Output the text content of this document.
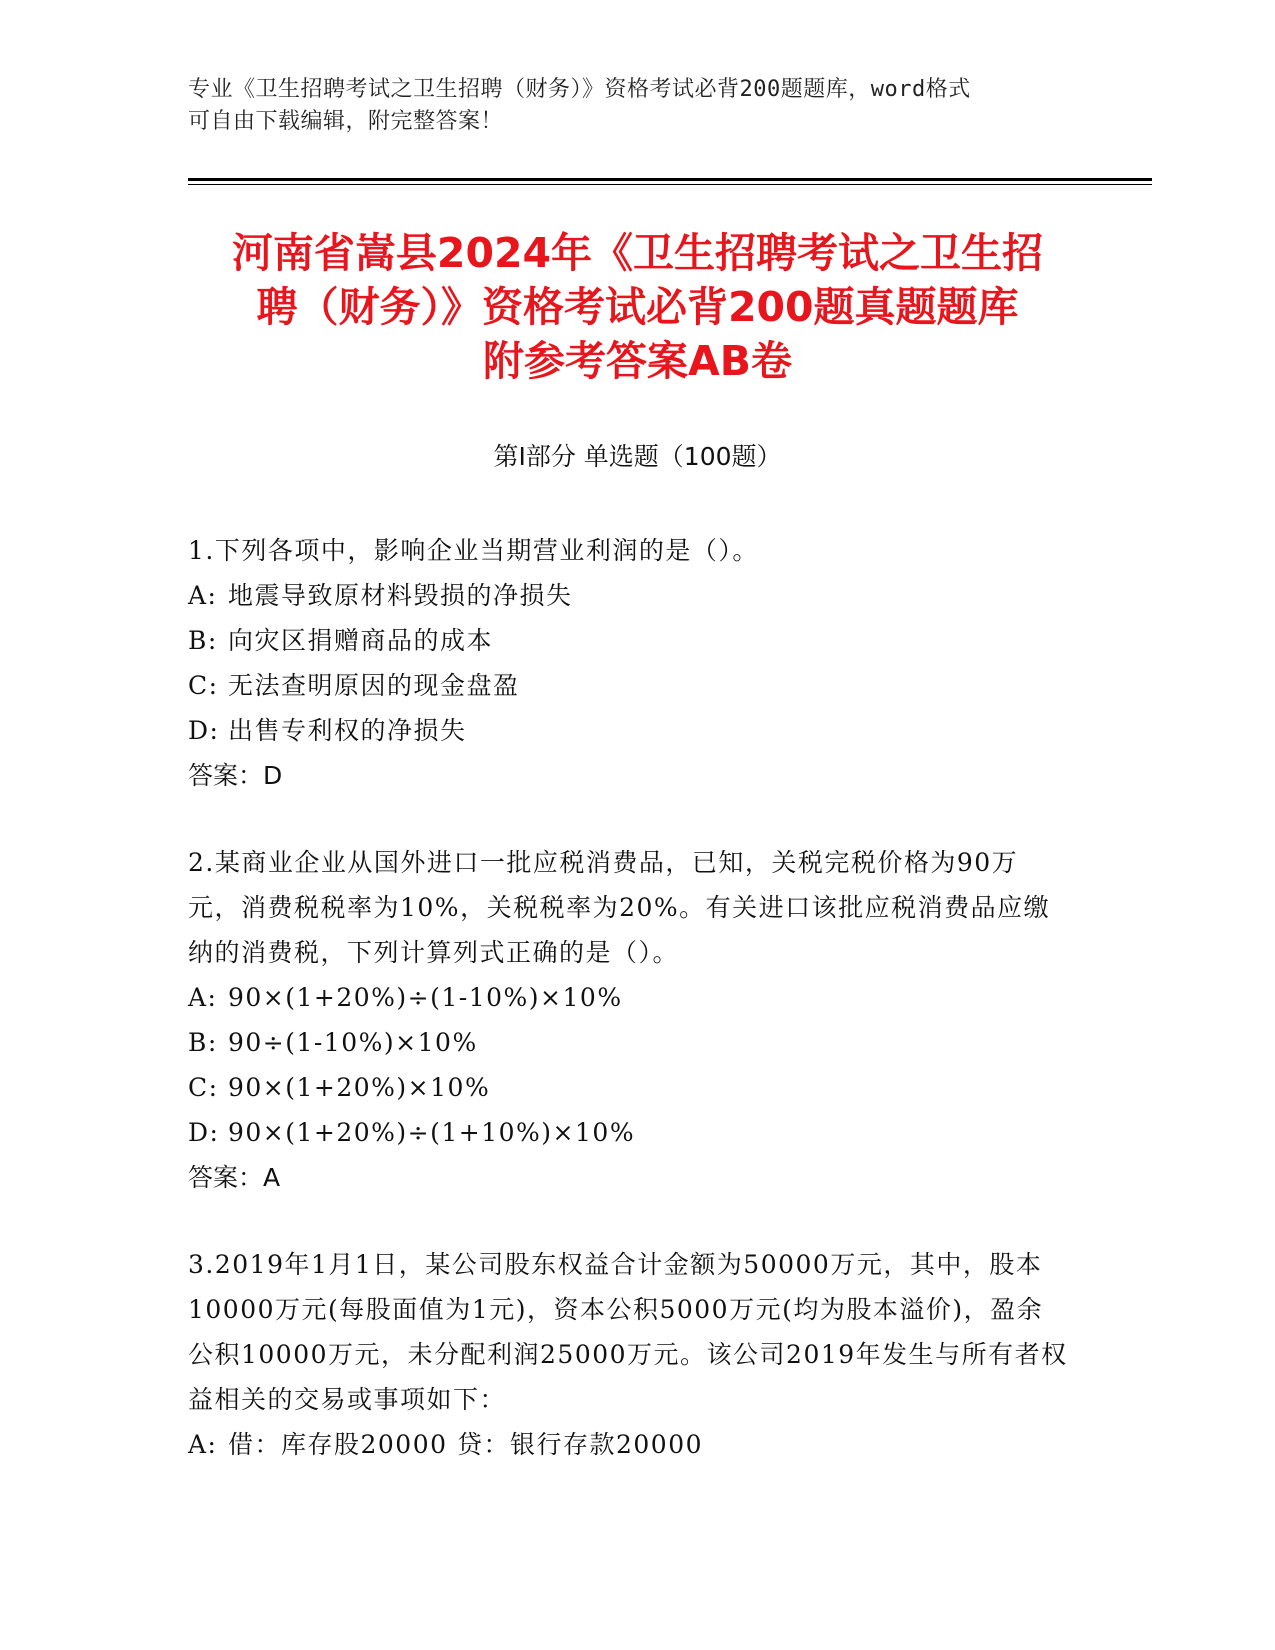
专业《卫生招聘考试之卫生招聘（财务）》资格考试必背200题题库，word格式
可自由下载编辑，附完整答案！
河南省嵩县2024年《卫生招聘考试之卫生招
聘（财务）》资格考试必背200题真题题库
附参考答案AB卷
第Ⅰ部分 单选题（100题）
1.下列各项中，影响企业当期营业利润的是（）。
A: 地震导致原材料毁损的净损失
B: 向灾区捐赠商品的成本
C: 无法查明原因的现金盘盈
D: 出售专利权的净损失
答案：D
2.某商业企业从国外进口一批应税消费品，已知，关税完税价格为90万元，消费税税率为10%，关税税率为20%。有关进口该批应税消费品应缴纳的消费税，下列计算列式正确的是（）。
A: 90×(1+20%)÷(1-10%)×10%
B: 90÷(1-10%)×10%
C: 90×(1+20%)×10%
D: 90×(1+20%)÷(1+10%)×10%
答案：A
3.2019年1月1日，某公司股东权益合计金额为50000万元，其中，股本10000万元(每股面值为1元)，资本公积5000万元(均为股本溢价)，盈余公积10000万元，未分配利润25000万元。该公司2019年发生与所有者权益相关的交易或事项如下：
A: 借：库存股20000 贷：银行存款20000
